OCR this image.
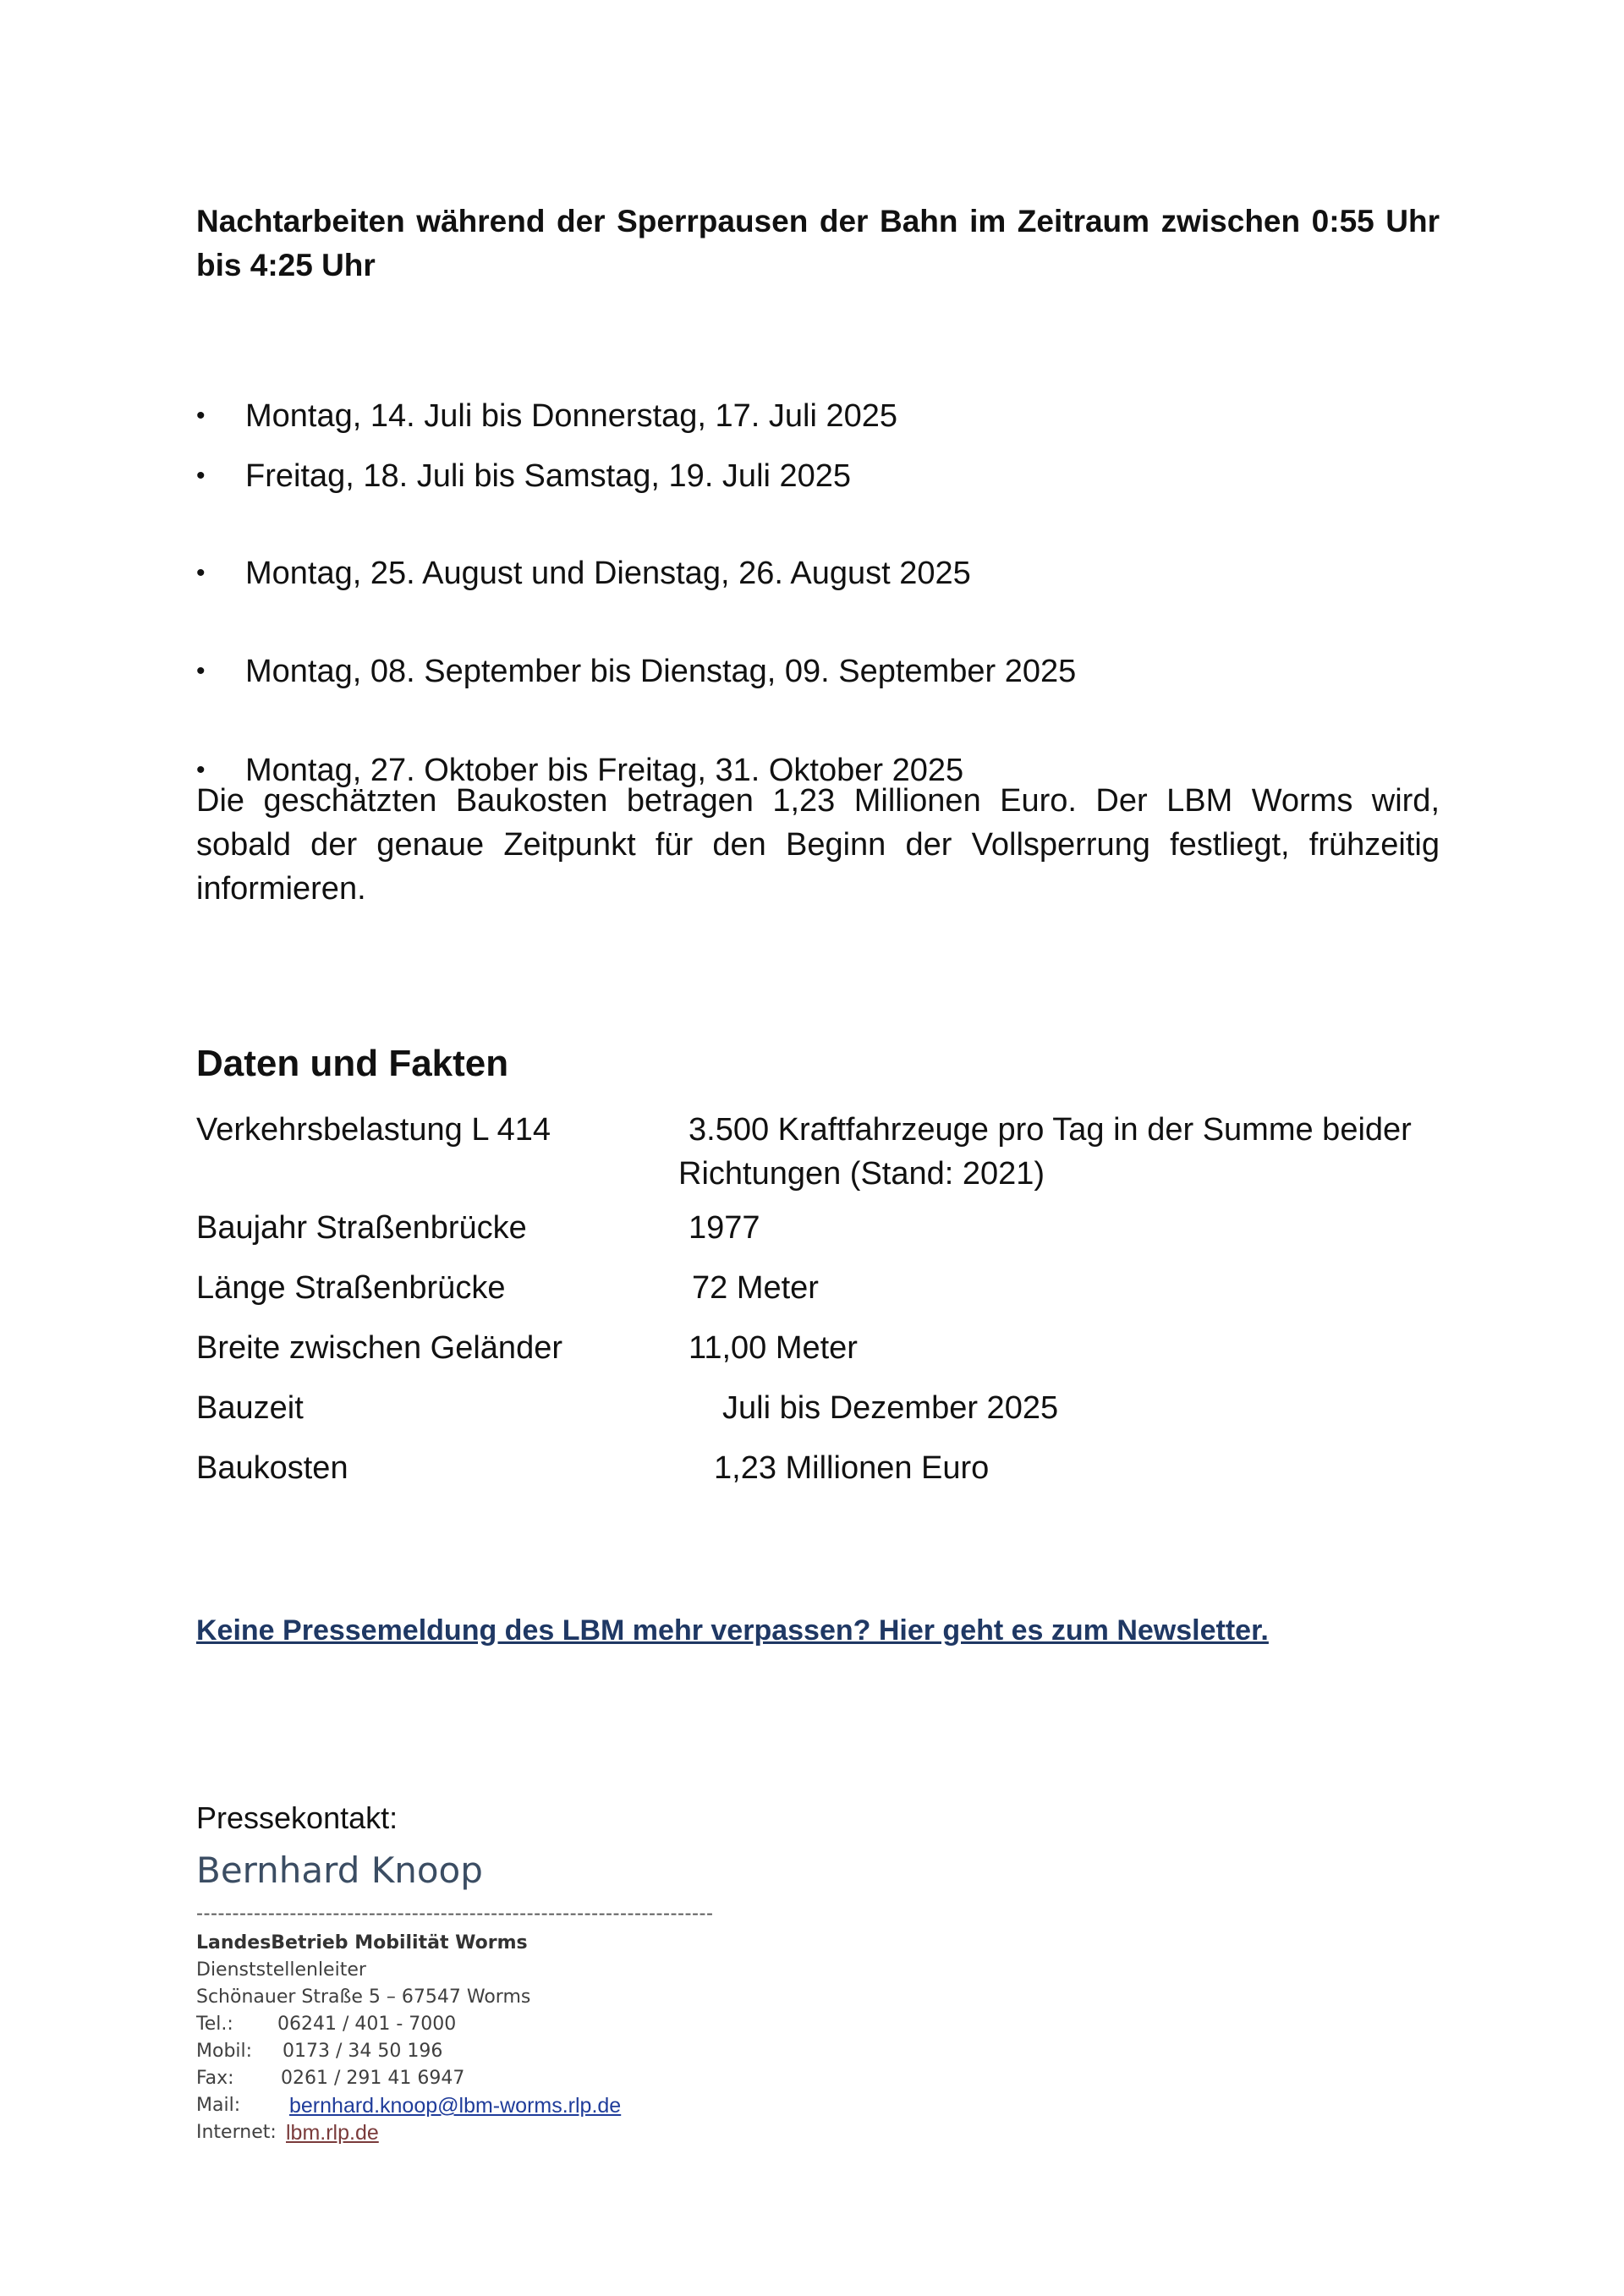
Nachtarbeiten während der Sperrpausen der Bahn im Zeitraum zwischen 0:55 Uhr bis 4:25 Uhr

•	Montag, 14. Juli bis Donnerstag, 17. Juli 2025
•	Freitag, 18. Juli bis Samstag, 19. Juli 2025
•	Montag, 25. August und Dienstag, 26. August 2025
•	Montag, 08. September bis Dienstag, 09. September 2025
•	Montag, 27. Oktober bis Freitag, 31. Oktober 2025

Die geschätzten Baukosten betragen 1,23 Millionen Euro. Der LBM Worms wird, sobald der genaue Zeitpunkt für den Beginn der Vollsperrung festliegt, frühzeitig informieren.

Daten und Fakten
Verkehrsbelastung L 414	3.500 Kraftfahrzeuge pro Tag in der Summe beider Richtungen (Stand: 2021)
Baujahr Straßenbrücke	1977
Länge Straßenbrücke	72 Meter
Breite zwischen Geländer	11,00 Meter
Bauzeit	Juli bis Dezember 2025
Baukosten	1,23 Millionen Euro
Keine Pressemeldung des LBM mehr verpassen? Hier geht es zum Newsletter.
Pressekontakt:
Bernhard Knoop
------------------------------------------------------------------------
LandesBetrieb Mobilität Worms
Dienststellenleiter
Schönauer Straße 5 – 67547 Worms
Tel.: 06241 / 401 - 7000
Mobil: 0173 / 34 50 196
Fax:	0261 / 291 41 6947
Mail: bernhard.knoop@lbm-worms.rlp.de
Internet: lbm.rlp.de
